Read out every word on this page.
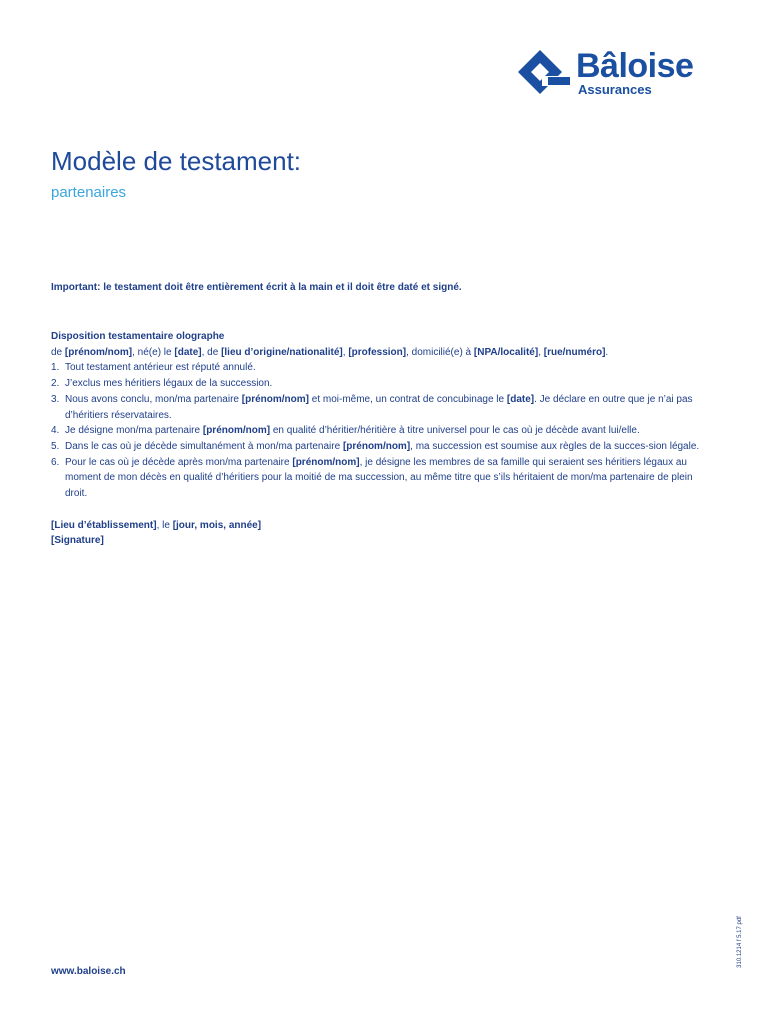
Bâloise
Assurances
Modèle de testament:
partenaires
Important: le testament doit être entièrement écrit à la main et il doit être daté et signé.

Disposition testamentaire olographe

de [prénom/nom], né(e) le [date], de [lieu d’origine/nationalité], [profession], domicilié(e) à [NPA/localité], [rue/numéro].

1. Tout testament antérieur est réputé annulé.
2. J’exclus mes héritiers légaux de la succession.
3. Nous avons conclu, mon/ma partenaire [prénom/nom] et moi-même, un contrat de concubinage le [date]. Je déclare en outre que je n’ai pas d’héritiers réservataires.
4. Je désigne mon/ma partenaire [prénom/nom] en qualité d’héritier/héritière à titre universel pour le cas où je décède avant lui/elle.
5. Dans le cas où je décède simultanément à mon/ma partenaire [prénom/nom], ma succession est soumise aux règles de la succes-sion légale.
6. Pour le cas où je décède après mon/ma partenaire [prénom/nom], je désigne les membres de sa famille qui seraient ses héritiers légaux au moment de mon décès en qualité d’héritiers pour la moitié de ma succession, au même titre que s’ils héritaient de mon/ma partenaire de plein droit.

[Lieu d’établissement], le [jour, mois, année]

[Signature]

www.baloise.ch
310.1214 f 5.17 pdf
